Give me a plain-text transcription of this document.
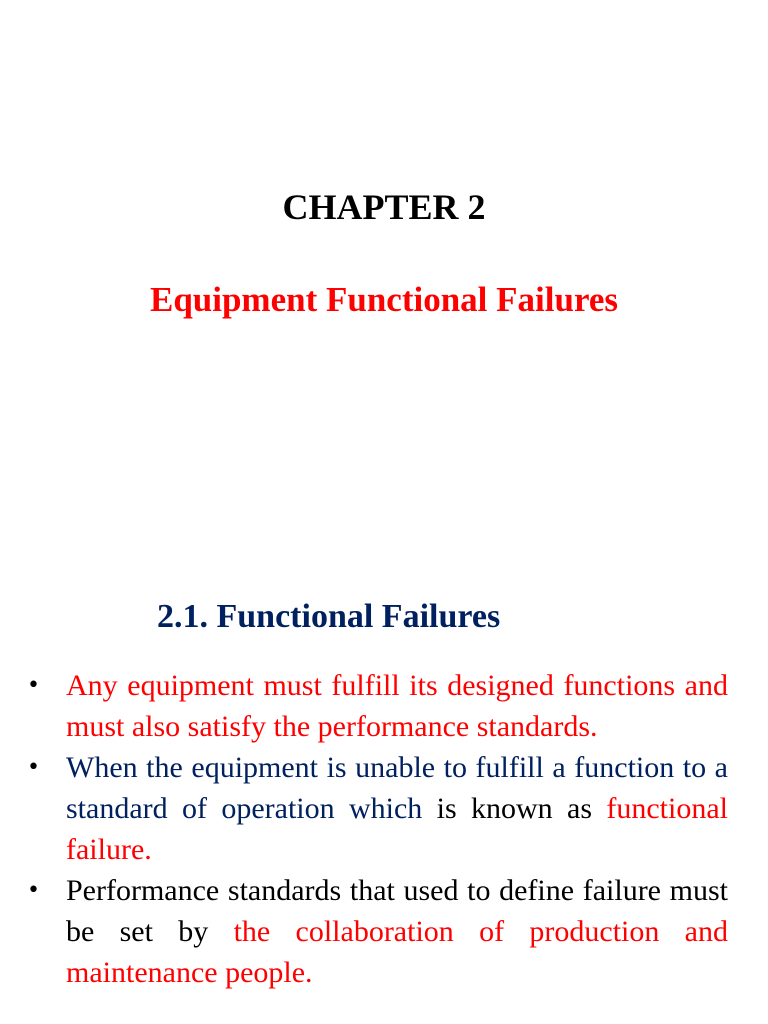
CHAPTER 2
Equipment Functional Failures
2.1. Functional Failures
• Any equipment must fulfill its designed functions and must also satisfy the performance standards.
• When the equipment is unable to fulfill a function to a standard of operation which is known as functional failure.
• Performance standards that used to define failure must be set by the collaboration of production and maintenance people.
